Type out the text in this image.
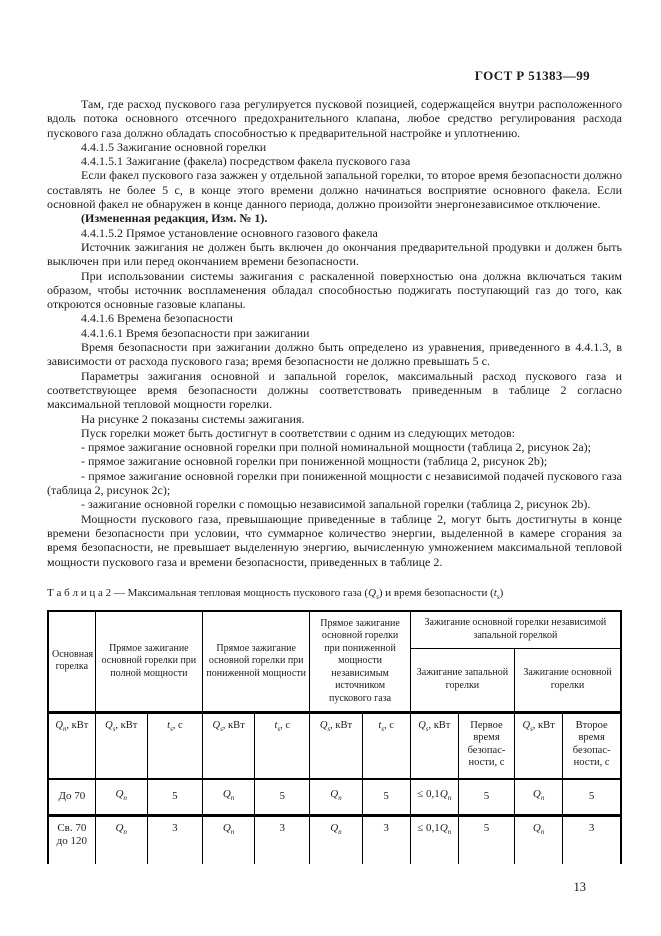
ГОСТ Р 51383—99

Там, где расход пускового газа регулируется пусковой позицией, содержащейся внутри расположенного вдоль потока основного отсечного предохранительного клапана, любое средство регулирования расхода пускового газа должно обладать способностью к предварительной настройке и уплотнению.

4.4.1.5 Зажигание основной горелки

4.4.1.5.1 Зажигание (факела) посредством факела пускового газа

Если факел пускового газа зажжен у отдельной запальной горелки, то второе время безопасности должно составлять не более 5 с, в конце этого времени должно начинаться восприятие основного факела. Если основной факел не обнаружен в конце данного периода, должно произойти энергонезависимое отключение.

(Измененная редакция, Изм. № 1).

4.4.1.5.2 Прямое установление основного газового факела

Источник зажигания не должен быть включен до окончания предварительной продувки и должен быть выключен при или перед окончанием времени безопасности.

При использовании системы зажигания с раскаленной поверхностью она должна включаться таким образом, чтобы источник воспламенения обладал способностью поджигать поступающий газ до того, как откроются основные газовые клапаны.

4.4.1.6 Времена безопасности

4.4.1.6.1 Время безопасности при зажигании

Время безопасности при зажигании должно быть определено из уравнения, приведенного в 4.4.1.3, в зависимости от расхода пускового газа; время безопасности не должно превышать 5 с.

Параметры зажигания основной и запальной горелок, максимальный расход пускового газа и соответствующее время безопасности должны соответствовать приведенным в таблице 2 согласно максимальной тепловой мощности горелки.

На рисунке 2 показаны системы зажигания.

Пуск горелки может быть достигнут в соответствии с одним из следующих методов:

- прямое зажигание основной горелки при полной номинальной мощности (таблица 2, рисунок 2a);

- прямое зажигание основной горелки при пониженной мощности (таблица 2, рисунок 2b);

- прямое зажигание основной горелки при пониженной мощности с независимой подачей пускового газа (таблица 2, рисунок 2c);

- зажигание основной горелки с помощью независимой запальной горелки (таблица 2, рисунок 2b).

Мощности пускового газа, превышающие приведенные в таблице 2, могут быть достигнуты в конце времени безопасности при условии, что суммарное количество энергии, выделенной в камере сгорания за время безопасности, не превышает выделенную энергию, вычисленную умножением максимальной тепловой мощности пускового газа и времени безопасности, приведенных в таблице 2.

Т а б л и ц а 2 — Максимальная тепловая мощность пускового газа $(Q_s)$ и время безопасности $(t_s)$
Основная горелка	Прямое зажигание основной горелки при полной мощности		Прямое зажигание основной горелки при пониженной мощности		Прямое зажигание основной горелки при пониженной мощности независимым источником пускового газа		Зажигание основной горелки независимой запальной горелкой			
							Зажигание запальной горелки		Зажигание основной горелки	
$Q_n$, кВт	$Q_s$, кВт	$t_s$, с	$Q_s$, кВт	$t_s$, с	$Q_s$, кВт	$t_s$, с	$Q_s$, кВт	Первое время безопас-ности, с	$Q_s$, кВт	Второе время безопас-ности, с
До 70	$Q_n$	5	$Q_n$	5	$Q_n$	5	≤ $0,1Q_n$	5	$Q_n$	5
Св. 70 до 120	$Q_n$	3	$Q_n$	3	$Q_n$	3	≤ $0,1Q_n$	5	$Q_n$	3
13
